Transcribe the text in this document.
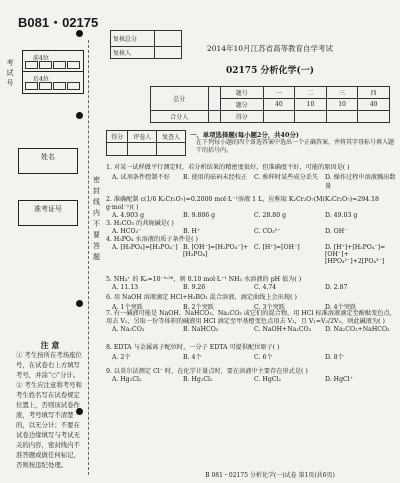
B081・02175
考试号
前4位
后4位
姓名
准考证号
密封线内不要答题
注 意
① 考生按所在考场座位号，在试卷右上方填写考号，并涂“○”分计。
② 考生应注意将考号和考生姓名写在试卷规定位置上，否则该试卷作废，考号填写不清楚的，以无分计；不要在试卷边缘填写与考试无关的内容，密封线内不准答题或做任何标记，否则按违纪处理。
复核总分	
复核人	
2014年10月江苏省高等教育自学考试
02175 分析化学(一)
总分		题号	一	二	三	四
		题分	40	10	10	40
合分人		得分				
得分	评卷人	复查人
		一、单项选择题(每小题2分，共40分)
在下列每小题的四个备选答案中选出一个正确答案，并将其字母标号填入题干的括号内。
1. 对某一试样做平行测定时，若分析结果的精密度很好，但准确度不好，可能的原因是( )
A. 试剂条件控制不好	B. 使用的砝码未经校正	C. 称样时某些成分丢失	D. 操作过程中溶液溅出数量
2. 准确配制 c(1/6 K₂Cr₂O₇)=0.2000 mol·L⁻¹溶液 1 L，应称取 K₂Cr₂O₇(M(K₂Cr₂O₇)=294.18 g·mol⁻¹)( )
A. 4.903 g	B. 9.806 g	C. 28.80 g	D. 49.03 g
3. H₂CO₃ 的共轭碱是( )
A. HCO₃⁻	B. H⁺	C. CO₃²⁻	D. OH⁻
4. H₃PO₄ 水溶液的质子条件是( )
A. [H₃PO₄]=[H₂PO₄⁻] B. [OH⁻]=[H₂PO₄⁻]+[H₃PO₄]
C. [H⁺]=[OH⁻]	D. [H⁺]+[H₂PO₄⁻]=[OH⁻]+[HPO₄²⁻]+2[PO₄³⁻]
5. NH₄⁺ 的 Kₐ=10⁻⁹·²⁶，则 0.10 mol·L⁻¹ NH₃ 水溶液的 pH 值为( )
A. 11.13	B. 9.26	C. 4.74	D. 2.87
6. 用 NaOH 溶液滴定 HCl+H₃BO₃ 混合溶液，滴定曲线上会出现( )
A. 1个突跃	B. 2个突跃	C. 3个突跃	D. 4个突跃
7. 有一碱液可能是 NaOH、NaHCO₃、Na₂CO₃ 或它们的混合物，用 HCl 标准溶液滴定至酚酞变色点，用去 V₁，另取一份等体积的碱液用 HCl 滴定至甲基橙变色点用去 V₂，且 V₁=V₂/2V₂，则此碱液为( )
A. Na₂CO₃	B. NaHCO₃	C. NaOH+Na₂CO₃	D. Na₂CO₃+NaHCO₃
8. EDTA 与金属离子配位时，一分子 EDTA 可提供配位原子( )
A. 2个	B. 4个	C. 6个	D. 8个
9. 以莫尔法测定 Cl⁻ 时，在化学计量点时，要在溶液中主要存在形式是( )
A. Hg₂Cl₂	B. Hg₂Cl₂	C. HgCl₂	D. HgCl⁺
B 081・02175 分析化学(一)试卷 第1页(共6页)
